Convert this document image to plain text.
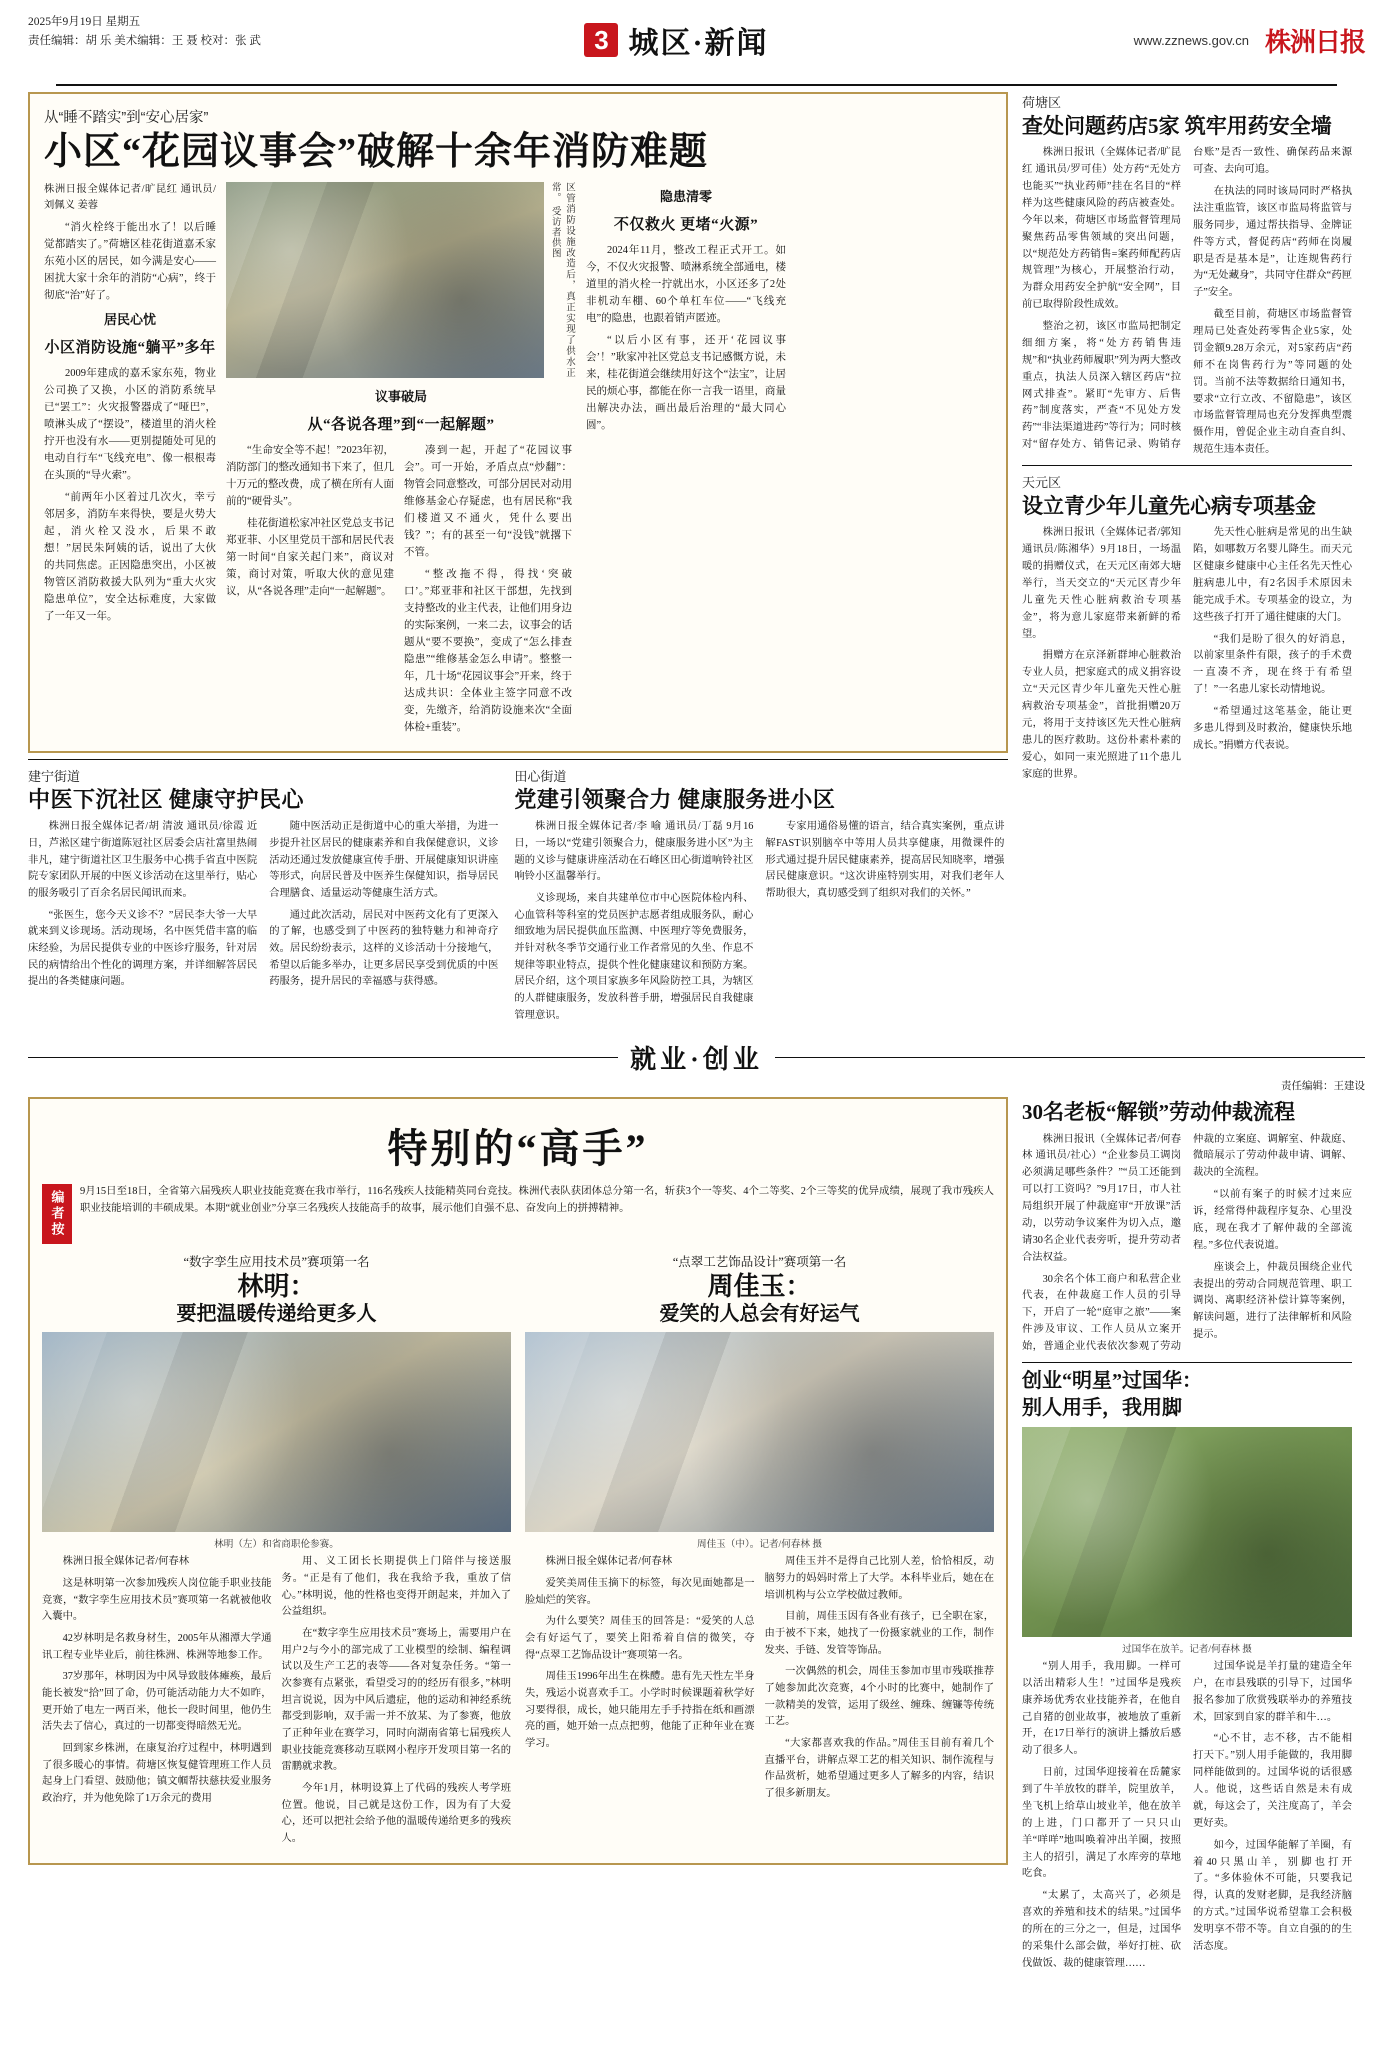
2025年9月19日 星期五
责任编辑：胡 乐 美术编辑：王 聂 校对：张 武	3 城区·新闻	www.zznews.gov.cn 株洲日报
从“睡不踏实”到“安心居家”
小区“花园议事会”破解十余年消防难题
株洲日报全媒体记者/旷昆红 通讯员/刘佩义 姜蓉

“消火栓终于能出水了！以后睡觉都踏实了。”荷塘区桂花街道嘉禾家东苑小区的居民，如今满是安心——困扰大家十余年的消防“心病”，终于彻底“治”好了。

居民心忧
小区消防设施“躺平”多年

2009年建成的嘉禾家东苑，物业公司换了又换，小区的消防系统早已“罢工”：火灾报警器成了“哑巴”，喷淋头成了“摆设”，楼道里的消火栓拧开也没有水——更别提随处可见的电动自行车“飞线充电”、像一根根毒在头顶的“导火索”。

“前两年小区着过几次火，幸亏邻居多，消防车来得快，要是火势大起，消火栓又没水，后果不敢想！”居民朱阿姨的话，说出了大伙的共同焦虑。正因隐患突出，小区被物管区消防救援大队列为“重大火灾隐患单位”，安全达标难度，大家做了一年又一年。

区管消防设施改造后，真正实现了供水正常。 受访者供图
议事破局
从“各说各理”到“一起解题”

“生命安全等不起！”2023年初，消防部门的整改通知书下来了，但几十万元的整改费，成了横在所有人面前的“硬骨头”。

桂花街道松家冲社区党总支书记郑亚菲、小区里党员干部和居民代表第一时间“自家关起门来”，商议对策，商讨对策，听取大伙的意见建议，从“各说各理”走向“一起解题”。

凑到一起，开起了“花园议事会”。可一开始，矛盾点点“炒翻”：物管会同意整改，可部分居民对动用维修基金心存疑虑，也有居民称“我们楼道又不通火，凭什么要出钱？”；有的甚至一句“没钱”就撂下不管。

“整改拖不得，得找‘突破口’。”郑亚菲和社区干部想，先找到支持整改的业主代表，让他们用身边的实际案例，一来二去，议事会的话题从“要不要换”，变成了“怎么排查隐患”“维修基金怎么申请”。整整一年，几十场“花园议事会”开来，终于达成共识：全体业主签字同意不改变，先缴齐，给消防设施来次“全面体检+重装”。

隐患清零
不仅救火 更堵“火源”

2024年11月，整改工程正式开工。如今，不仅火灾报警、喷淋系统全部通电，楼道里的消火栓一拧就出水，小区还多了2处非机动车棚、60个单杠车位——“飞线充电”的隐患，也跟着销声匿迹。

“以后小区有事，还开‘花园议事会’！”耿家冲社区党总支书记感慨方说，未来，桂花街道会继续用好这个“法宝”，让居民的烦心事，都能在你一言我一语里，商量出解决办法，画出最后治理的“最大同心圆”。

建宁街道
中医下沉社区 健康守护民心

株洲日报全媒体记者/胡 清波 通讯员/徐霞 近日，芦淞区建宁街道陈冠社区居委会店社富里热闹非凡，建宁街道社区卫生服务中心携手省直中医院院专家团队开展的中医义诊活动在这里举行，贴心的服务吸引了百余名居民闻讯而来。

“张医生，您今天义诊不？”居民李大爷一大早就来到义诊现场。活动现场，名中医凭借丰富的临床经验，为居民提供专业的中医诊疗服务，针对居民的病情给出个性化的调理方案，并详细解答居民提出的各类健康问题。

随中医活动正是街道中心的重大举措，为进一步提升社区居民的健康素养和自我保健意识，义诊活动还通过发放健康宣传手册、开展健康知识讲座等形式，向居民普及中医养生保健知识，指导居民合理膳食、适量运动等健康生活方式。

通过此次活动，居民对中医药文化有了更深入的了解，也感受到了中医药的独特魅力和神奇疗效。居民纷纷表示，这样的义诊活动十分接地气，希望以后能多举办，让更多居民享受到优质的中医药服务，提升居民的幸福感与获得感。

田心街道
党建引领聚合力 健康服务进小区

株洲日报全媒体记者/李 喻 通讯员/丁磊 9月16日，一场以“党建引领聚合力，健康服务进小区”为主题的义诊与健康讲座活动在石峰区田心街道响铃社区响铃小区温馨举行。

义诊现场，来自共建单位市中心医院体检内科、心血管科等科室的党员医护志愿者组成服务队，耐心细致地为居民提供血压监测、中医理疗等免费服务，并针对秋冬季节交通行业工作者常见的久坐、作息不规律等职业特点，提供个性化健康建议和预防方案。居民介绍，这个项目家族多年风险防控工具，为辖区的人群健康服务，发放科普手册，增强居民自我健康管理意识。

专家用通俗易懂的语言，结合真实案例，重点讲解FAST识别脑卒中等用人员共享健康，用微课件的形式通过提升居民健康素养，提高居民知晓率，增强居民健康意识。“这次讲座特别实用，对我们老年人帮助很大，真切感受到了组织对我们的关怀。”

荷塘区
查处问题药店5家 筑牢用药安全墙

株洲日报讯（全媒体记者/旷昆红 通讯员/罗可佳）处方药“无处方也能买”“执业药师”挂在名目的“样样为这些健康风险的药店被查处。今年以来，荷塘区市场监督管理局聚焦药品零售领域的突出问题，以“规范处方药销售=案药师配药店规管理”为核心，开展整治行动，为群众用药安全护航“安全网”，目前已取得阶段性成效。

整治之初，该区市监局把制定细细方案，将“处方药销售违规”和“执业药师履职”列为两大整改重点，执法人员深入辖区药店“拉网式排查”。紧盯“先审方、后售药”制度落实，严查“不见处方发药”“非法渠道进药”等行为；同时核对“留存处方、销售记录、购销存台账”是否一致性、确保药品来源可查、去向可追。

在执法的同时该局同时严格执法注重监管，该区市监局将监管与服务同步，通过帮扶指导、金牌证件等方式，督促药店“药师在岗履职是否是基本是”，让连规售药行为“无处藏身”，共同守住群众“药匣子”安全。

截至目前，荷塘区市场监督管理局已处查处药零售企业5家，处罚金额9.28万余元，对5家药店“药师不在岗售药行为”等同题的处罚。当前不法等数据给日通知书，要求“立行立改、不留隐患”，该区市场监督管理局也充分发挥典型震慑作用，曾促企业主动自查自纠、规范生违本责任。

天元区
设立青少年儿童先心病专项基金

株洲日报讯（全媒体记者/郭知 通讯员/陈湘华）9月18日，一场温暖的捐赠仪式，在天元区南郊大塘举行，当天交立的“天元区青少年儿童先天性心脏病救治专项基金”，将为意儿家庭带来新鲜的希望。

捐赠方在京泽新群坤心脏救治专业人员，把家庭式的成义捐容设立“天元区青少年儿童先天性心脏病救治专项基金”，首批捐赠20万元，将用于支持该区先天性心脏病患儿的医疗救助。这份朴素朴素的爱心，如同一束光照进了11个患儿家庭的世界。

先天性心脏病是常见的出生缺陷，如哪数万名婴儿降生。而天元区健康乡健康中心主任名先天性心脏病患儿中，有2名因手术原因未能完成手术。专项基金的设立，为这些孩子打开了通往健康的大门。

“我们是盼了很久的好消息，以前家里条件有限，孩子的手术费一直凑不齐，现在终于有希望了！”一名患儿家长动情地说。

“希望通过这笔基金，能让更多患儿得到及时救治，健康快乐地成长。”捐赠方代表说。

就业·创业
责任编辑：王建设
特别的“高手”
编者按	9月15日至18日，全省第六届残疾人职业技能竞赛在我市举行，116名残疾人技能精英同台竞技。株洲代表队获团体总分第一名，斩获3个一等奖、4个二等奖、2个三等奖的优异成绩，展现了我市残疾人职业技能培训的丰硕成果。本期“就业创业”分享三名残疾人技能高手的故事，展示他们自强不息、奋发向上的拼搏精神。
“数字孪生应用技术员”赛项第一名
林明：
要把温暖传递给更多人
林明（左）和省商职伦参赛。

株洲日报全媒体记者/何春林

这是林明第一次参加残疾人岗位能手职业技能竞赛，“数字孪生应用技术员”赛项第一名就被他收入囊中。

42岁林明是名救身材生，2005年从湘潭大学通讯工程专业毕业后，前往株洲、株洲等地参工作。

37岁那年，林明因为中风导致肢体瘫痪，最后能长被发“拾”回了命，仍可能活动能力大不如昨，更开始了电左一两百米，他长一段时间里，他仍生活失去了信心，真过的一切都变得暗然无光。

回到家乡株洲，在康复治疗过程中，林明遇到了很多暖心的事情。荷塘区恢复健管理班工作人员起身上门看望、鼓励他；镇文帼帮扶慈扶爱业服务政治疗，并为他免除了1万余元的费用

用、义工团长长期提供上门陪伴与接送服务。“正是有了他们，我在我给予我，重放了信心。”林明说，他的性格也变得开朗起来，并加入了公益组织。

在“数字孪生应用技术员”赛场上，需要用户在用户2与今小的部完成了工业模型的绘制、编程调试以及生产工艺的表等——各对复杂任务。“第一次参赛有点紧张，看望受习的的经历有很多，”林明坦言说说，因为中风后遗症，他的运动和神经系统都受到影响，双手需一并不放某、为了参赛，他放了正种年业在赛学习，同时向湖南省第七届残疾人职业技能竞赛移动互联网小程序开发项目第一名的雷鹏就求教。

今年1月，林明设算上了代码的残疾人考学班位置。他说，目己就是这份工作，因为有了大爱心，还可以把社会给予他的温暖传递给更多的残疾人。

“点翠工艺饰品设计”赛项第一名
周佳玉：
爱笑的人总会有好运气
周佳玉（中）。记者/何春林 摄

株洲日报全媒体记者/何春林

爱笑美周佳玉摘下的标签，每次见面她都是一脸灿烂的笑容。

为什么要笑？周佳玉的回答是：“爱笑的人总会有好运气了，要笑上阳希着自信的微笑，夺得“点翠工艺饰品设计”赛项第一名。

周佳玉1996年出生在株醴。患有先天性左半身失，残运小说喜欢手工。小学时时候课题着秋学好习要得很，成长，她只能用左手手持指在纸和画漂亮的画，她开始一点点把剪，他能了正种年业在赛学习。

周佳玉并不是得自己比别人差，恰恰相反，动脑努力的妈妈时常上了大学。本科毕业后，她在在培训机构与公立学校做过教师。

目前，周佳玉因有各业有孩子，已全职在家，由于被不下来，她找了一份摄家就业的工作，制作发夹、手链、发管等饰品。

一次偶然的机会，周佳玉参加市里市残联推荐了她参加此次竞赛，4个小时的比赛中，她制作了一款精美的发管，运用了级丝、缠珠、缠镰等传统工艺。

“大家都喜欢我的作品。”周佳玉目前有着几个直播平台，讲解点翠工艺的相关知识、制作流程与作品赏析，她希望通过更多人了解多的内容，结识了很多新朋友。

30名老板“解锁”劳动仲裁流程

株洲日报讯（全媒体记者/何春林 通讯员/社心）“企业参员工调岗必须满足哪些条件？”“员工还能到可以打工资吗？”9月17日，市人社局组织开展了仲裁庭审“开放课”活动，以劳动争议案件为切入点，邀请30名企业代表旁听，提升劳动者合法权益。

30余名个体工商户和私营企业代表，在仲裁庭工作人员的引导下，开启了一轮“庭审之旅”——案件涉及审议、工作人员从立案开始，普通企业代表依次参观了劳动仲裁的立案庭、调解室、仲裁庭、微暗展示了劳动仲裁申请、调解、裁决的全流程。

“以前有案子的时候才过来应诉，经常得仲裁程序复杂、心里没底，现在我才了解仲裁的全部流程。”多位代表说道。

座谈会上，仲裁员围绕企业代表提出的劳动合同规范管理、职工调岗、离职经济补偿计算等案例，解读问题，进行了法律解析和风险提示。

创业“明星”过国华：
别人用手，我用脚
过国华在放羊。记者/何春林 摄

“别人用手，我用脚。一样可以活出精彩人生！”过国华是残疾康养场优秀农业技能养者，在他自己自猪的创业故事，被地放了重新开，在17日举行的演讲上播放后感动了很多人。

日前，过国华迎接着在岳麓家到了牛羊放牧的群羊，院里放羊，坐飞机上给草山坡业羊，他在放羊的上进，门口都开了一只只山羊“咩咩”地叫唤着冲出羊圈，按照主人的招引，满足了水库旁的草地吃食。

“太累了，太高兴了，必须是喜欢的养殖和技术的结果。”过国华的所在的三分之一，但是，过国华的采集什么部会做，举好打桩、砍伐做饭、裁的健康管理……

过国华说是羊打量的建造全年户，在市县残联的引导下，过国华报名参加了欣赏残联举办的养殖技术，回家到自家的群羊和牛…。

“心不甘，志不移，古不能相打天下。”别人用手能做的，我用脚同样能做到的。过国华说的话很感人。他说，这些话自然是未有成就，每这会了，关注度高了，羊会更好卖。

如今，过国华能解了羊圈，有着40只黑山羊，别脚也打开了。“多体验休不可能，只要我记得，认真的发财老脚，是我经济脑的方式。”过国华说希望靠工会积极发明享不带不等。自立自强的的生活态度。
